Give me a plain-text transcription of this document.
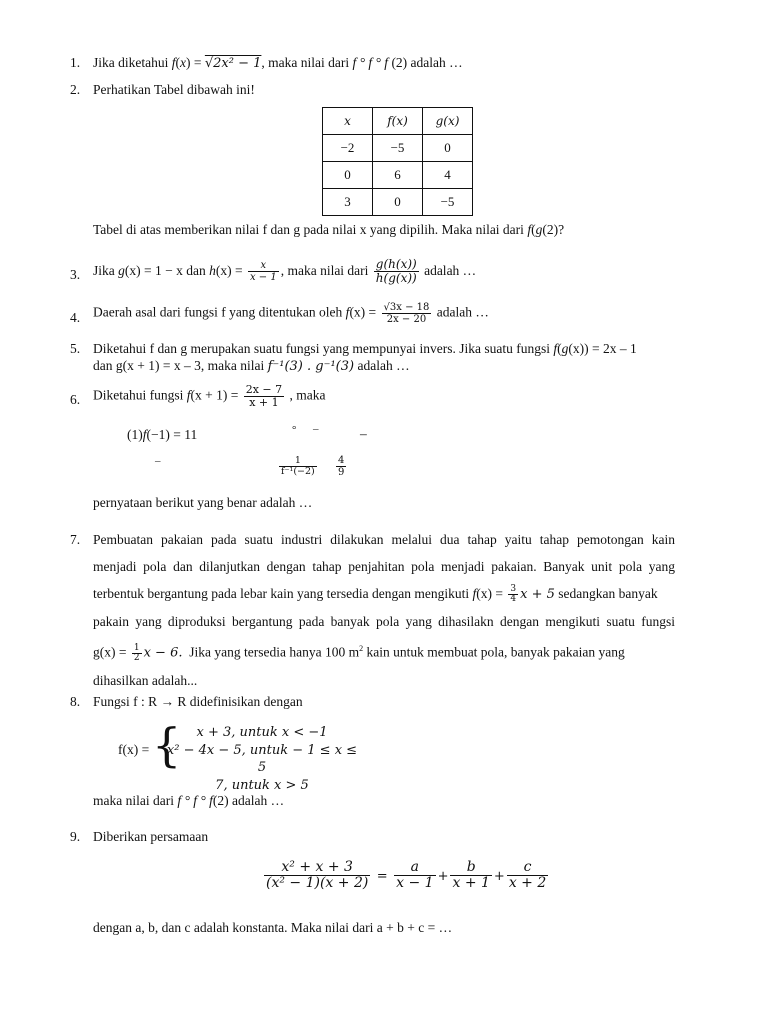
1. Jika diketahui f(x) = √2x² − 1, maka nilai dari f ° f ° f (2) adalah …
2. Perhatikan Tabel dibawah ini!
x	f(x)	g(x)
−2	−5	0
0	6	4
3	0	−5
Tabel di atas memberikan nilai f dan g pada nilai x yang dipilih. Maka nilai dari f(g(2)?
3. Jika g(x) = 1 − x dan $h(x) = \frac{x}{x - 1}$ , maka nilai dari $\frac{g(h(x))}{h(g(x))}$ adalah …
4. Daerah asal dari fungsi f yang ditentukan oleh $f(x) = \frac{√3x - 18}{2x - 20}$ adalah …
5. Diketahui f dan g merupakan suatu fungsi yang mempunyai invers. Jika suatu fungsi f(g(x)) = 2x – 1
dan g(x + 1) = x – 3, maka nilai f⁻¹(3) . g⁻¹(3) adalah …
6. Diketahui fungsi $f(x + 1) = \frac{2x - 7}{x + 1}$ , maka
(1)f(−1) = 11	° –	–
–	$\frac{1}{\text{f⁻¹(−2)}} \frac{4}{9}$
pernyataan berikut yang benar adalah …
7. Pembuatan pakaian pada suatu industri dilakukan melalui dua tahap yaitu tahap pemotongan kain
menjadi pola dan dilanjutkan dengan tahap penjahitan pola menjadi pakaian. Banyak unit pola yang
terbentuk bergantung pada lebar kain yang tersedia dengan mengikuti $f(x) = \frac{3}{4}$ x + 5 sedangkan banyak
pakain yang diproduksi bergantung pada banyak pola yang dihasilakn dengan mengikuti suatu fungsi
$g(x) = \frac{1}{2}$ x − 6. Jika yang tersedia hanya 100 $m^2$ kain untuk membuat pola, banyak pakaian yang
dihasilkan adalah...
8. Fungsi f : R → R didefinisikan dengan
f(x) = {	x + 3, untuk x < −1
x² − 4x − 5, untuk − 1 ≤ x ≤ 5
7, untuk x > 5
maka nilai dari f ° f ° f(2) adalah …
9. Diberikan persamaan
$\frac{\text{x² + x + 3}}{\text{(x² − 1)(x + 2)}} = \frac{a}{x - 1} + \frac{b}{x + 1} + \frac{c}{x + 2}$
dengan a, b, dan c adalah konstanta. Maka nilai dari a + b + c = …
